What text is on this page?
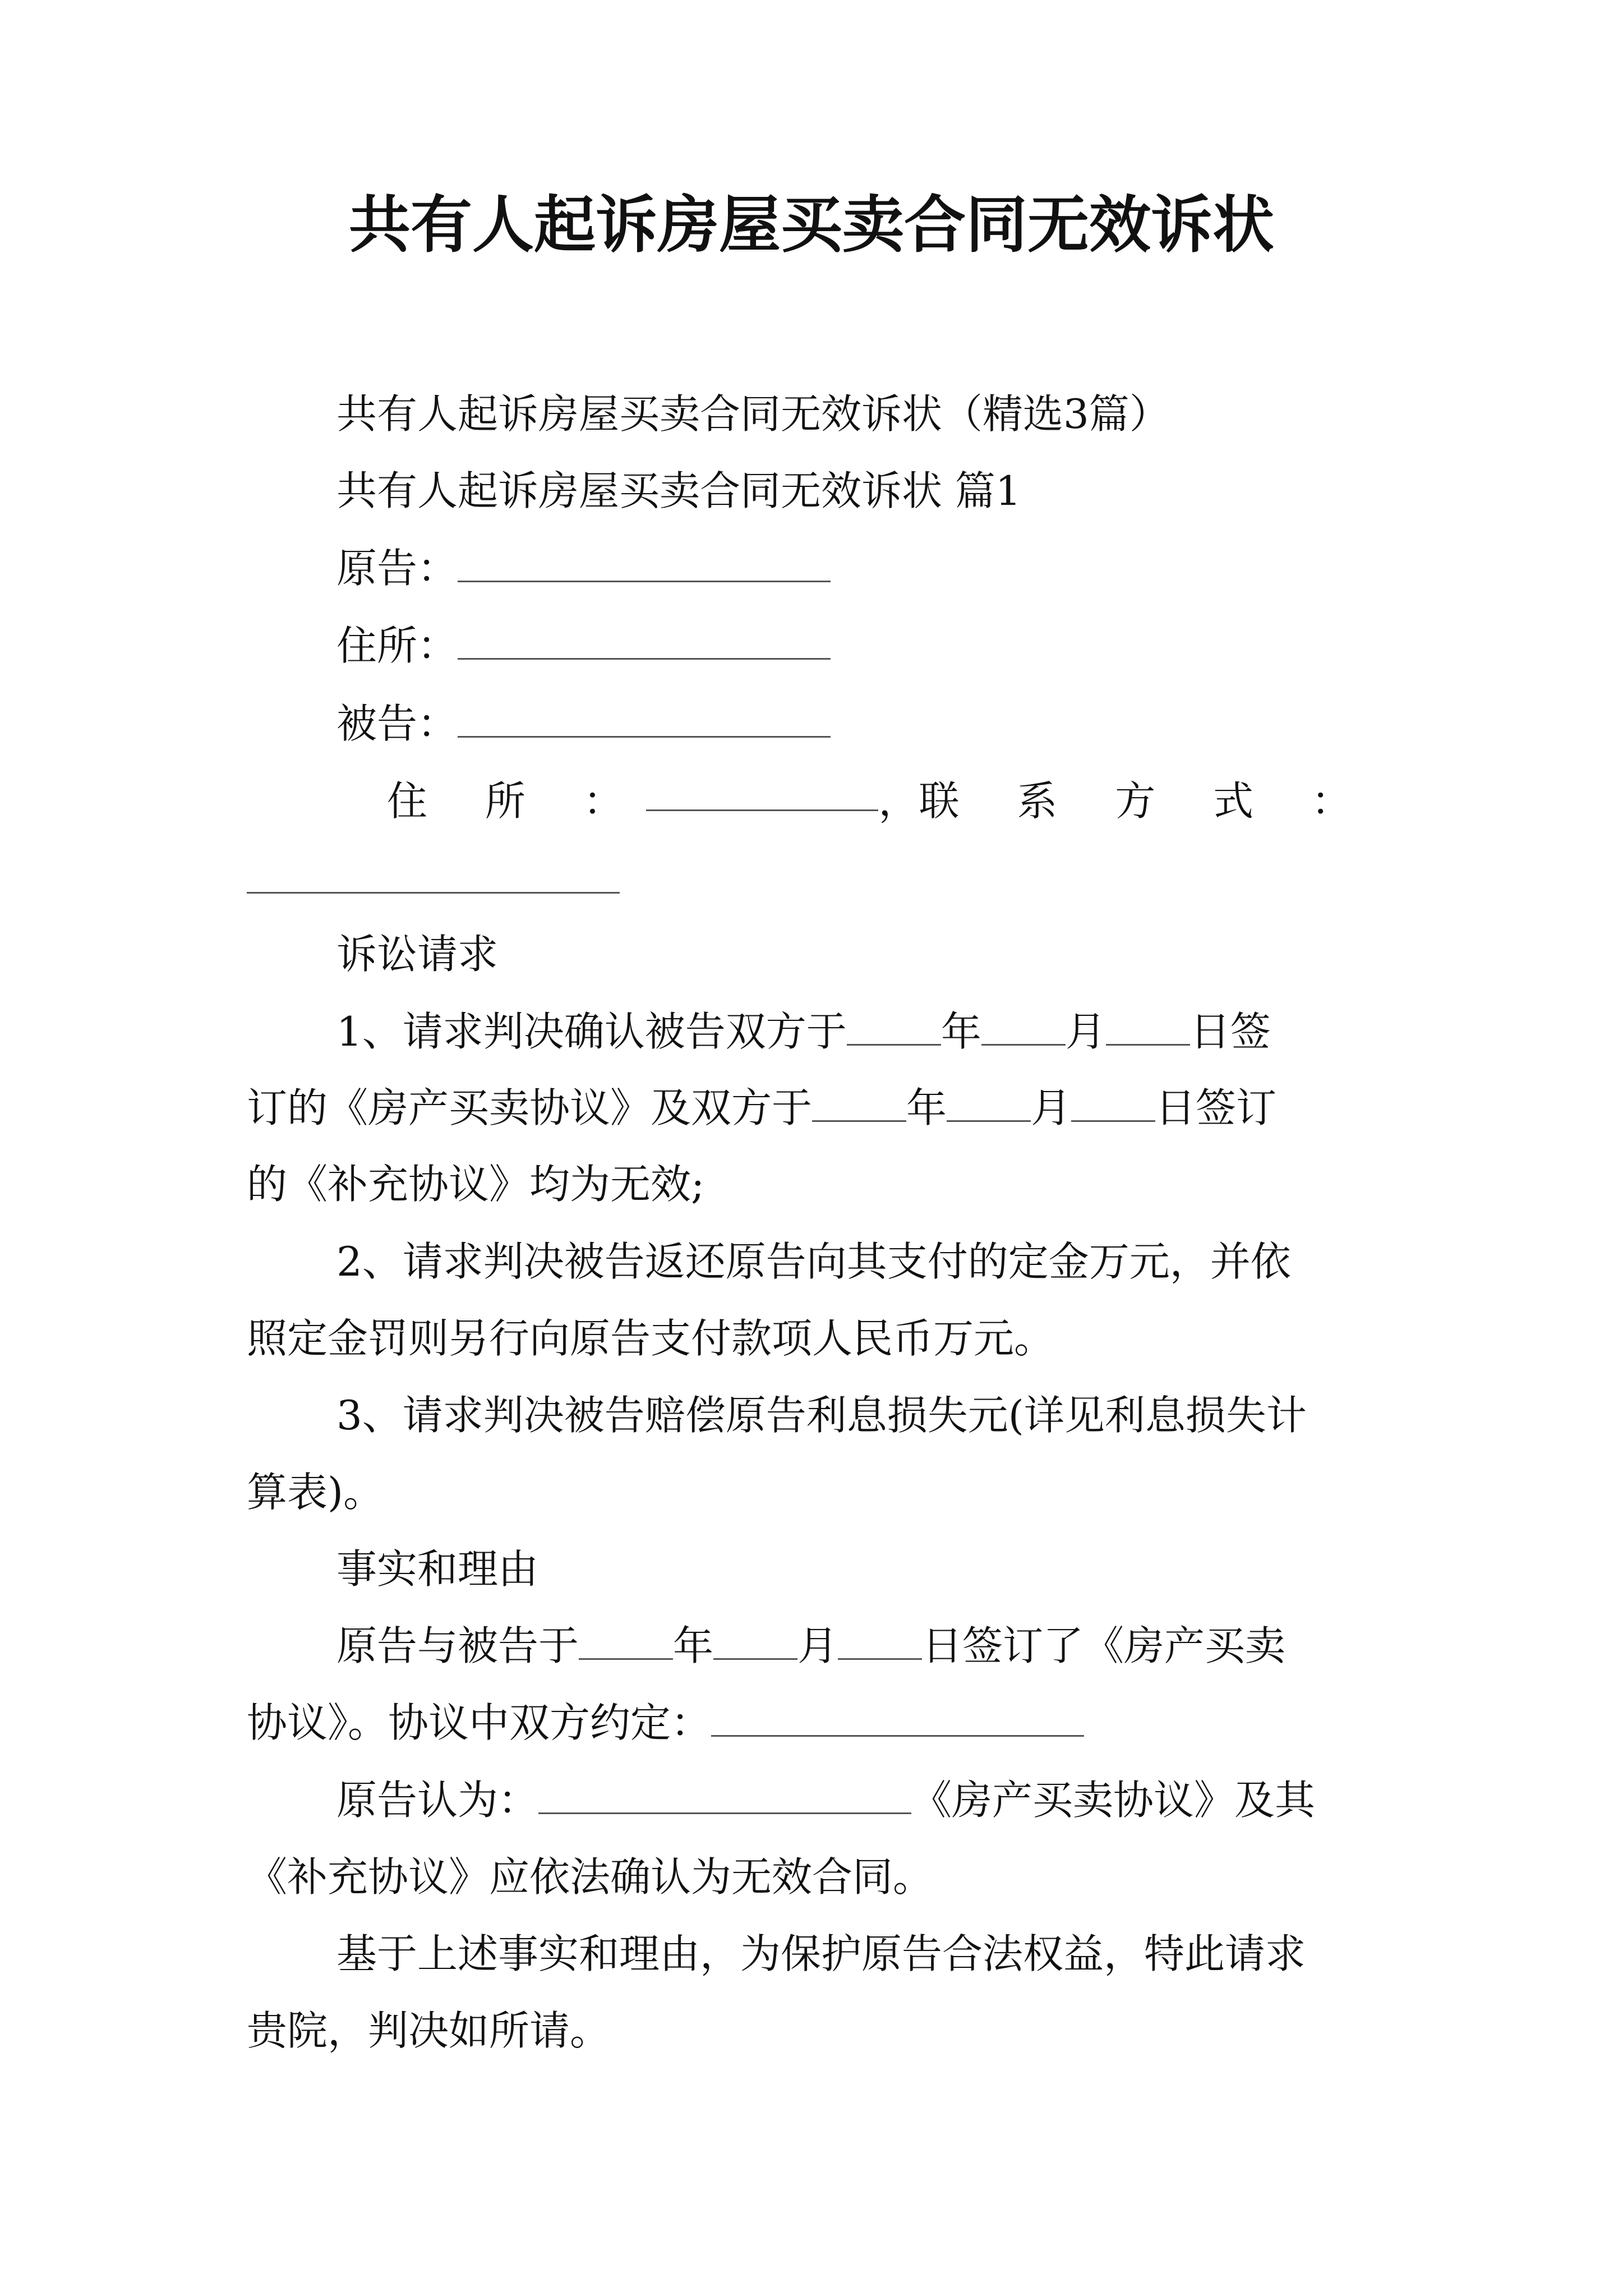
共有人起诉房屋买卖合同无效诉状
共有人起诉房屋买卖合同无效诉状（精选3篇）
共有人起诉房屋买卖合同无效诉状 篇1
原告：
住所：
被告：
住 所 ：	， 联 系 方 式 ：
诉讼请求
1、请求判决确认被告双方于 年 月 日签
订的《房产买卖协议》及双方于 年 月 日签订
的《补充协议》均为无效;
2、请求判决被告返还原告向其支付的定金万元，并依
照定金罚则另行向原告支付款项人民币万元。
3、请求判决被告赔偿原告利息损失元(详见利息损失计
算表)。
事实和理由
原告与被告于 年 月 日签订了《房产买卖
协议》。协议中双方约定：
原告认为：	《房产买卖协议》及其
《补充协议》应依法确认为无效合同。
基于上述事实和理由，为保护原告合法权益，特此请求
贵院，判决如所请。
